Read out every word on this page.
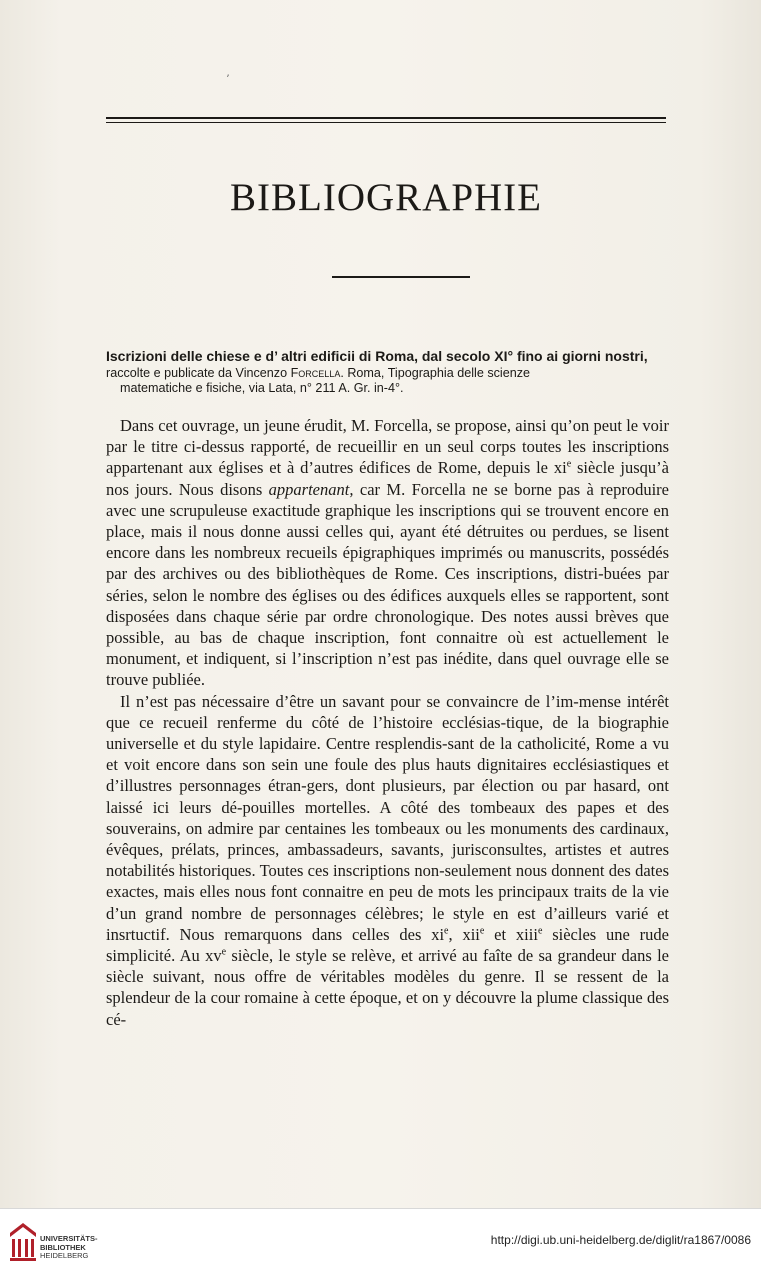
ʼ
BIBLIOGRAPHIE
Iscrizioni delle chiese e d’ altri edificii di Roma, dal secolo XI° fino ai giorni nostri, raccolte e publicate da Vincenzo Forcella. Roma, Tipographia delle scienze
matematiche e fisiche, via Lata, n° 211 A. Gr. in-4°.

Dans cet ouvrage, un jeune érudit, M. Forcella, se propose, ainsi qu’on peut le voir par le titre ci-dessus rapporté, de recueillir en un seul corps toutes les inscriptions appartenant aux églises et à d’autres édifices de Rome, depuis le $xi^e$ siècle jusqu’à nos jours. Nous disons appartenant, car M. Forcella ne se borne pas à reproduire avec une scrupuleuse exactitude graphique les inscriptions qui se trouvent encore en place, mais il nous donne aussi celles qui, ayant été détruites ou perdues, se lisent encore dans les nombreux recueils épigraphiques imprimés ou manuscrits, possédés par des archives ou des bibliothèques de Rome. Ces inscriptions, distri-buées par séries, selon le nombre des églises ou des édifices auxquels elles se rapportent, sont disposées dans chaque série par ordre chronologique. Des notes aussi brèves que possible, au bas de chaque inscription, font connaitre où est actuellement le monument, et indiquent, si l’inscription n’est pas inédite, dans quel ouvrage elle se trouve publiée.

Il n’est pas nécessaire d’être un savant pour se convaincre de l’im-mense intérêt que ce recueil renferme du côté de l’histoire ecclésias-tique, de la biographie universelle et du style lapidaire. Centre resplendis-sant de la catholicité, Rome a vu et voit encore dans son sein une foule des plus hauts dignitaires ecclésiastiques et d’illustres personnages étran-gers, dont plusieurs, par élection ou par hasard, ont laissé ici leurs dé-pouilles mortelles. A côté des tombeaux des papes et des souverains, on admire par centaines les tombeaux ou les monuments des cardinaux, évêques, prélats, princes, ambassadeurs, savants, jurisconsultes, artistes et autres notabilités historiques. Toutes ces inscriptions non-seulement nous donnent des dates exactes, mais elles nous font connaitre en peu de mots les principaux traits de la vie d’un grand nombre de personnages célèbres; le style en est d’ailleurs varié et insrtuctif. Nous remarquons dans celles des $xi^e$, xii$^e$ et xiii$^e$ siècles une rude simplicité. Au $xv^e$ siècle, le style se relève, et arrivé au faîte de sa grandeur dans le siècle suivant, nous offre de véritables modèles du genre. Il se ressent de la splendeur de la cour romaine à cette époque, et on y découvre la plume classique des cé-

UNIVERSITÄTS-
BIBLIOTHEK
HEIDELBERG
http://digi.ub.uni-heidelberg.de/diglit/ra1867/0086
